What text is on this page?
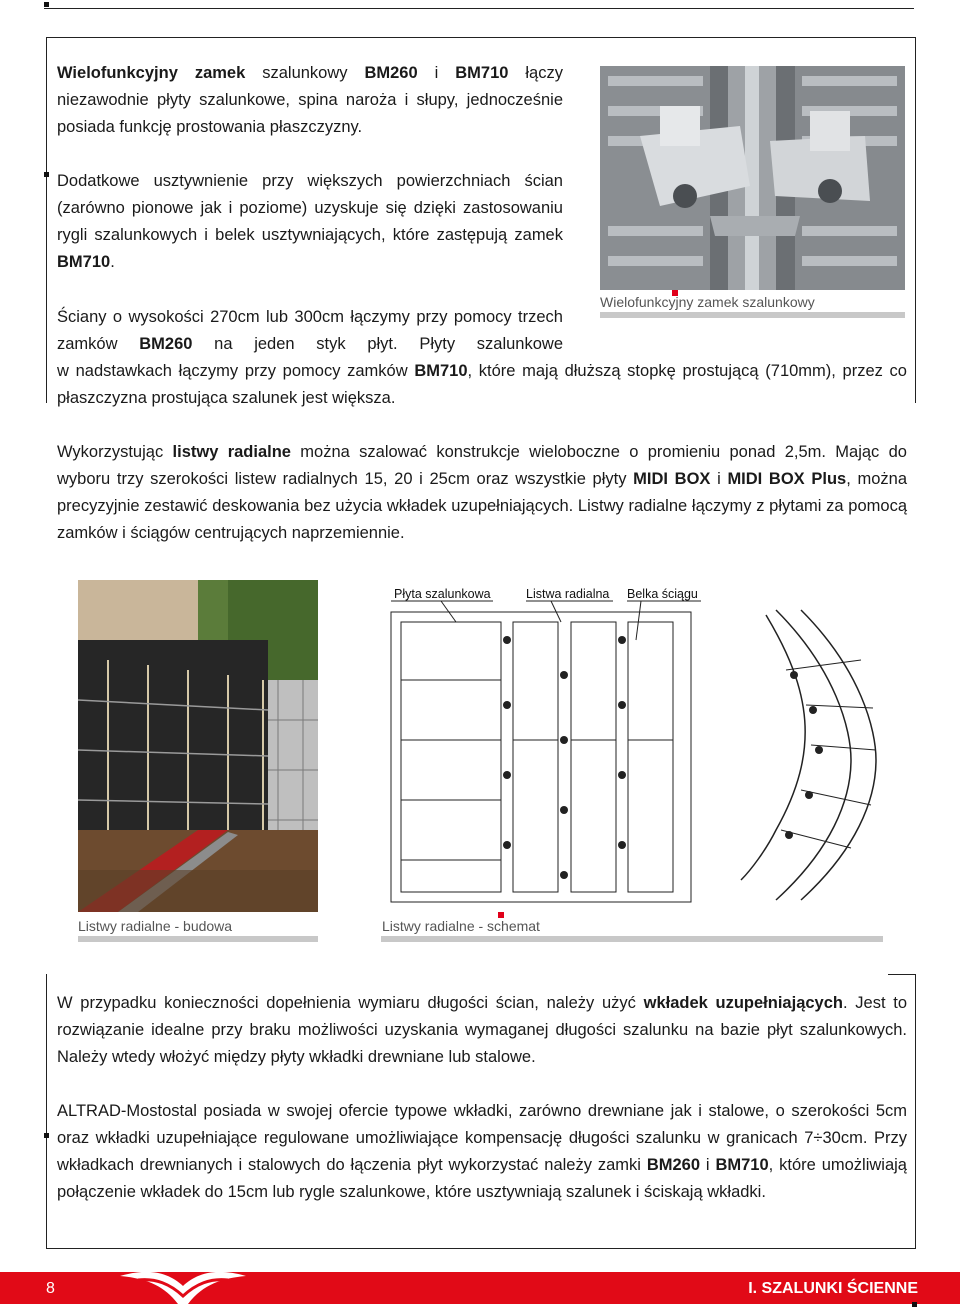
Wielofunkcyjny zamek szalunkowy BM260 i BM710 łączy niezawodnie płyty szalunkowe, spina naroża i słupy, jednocześnie posiada funkcję prostowania płaszczyzny.
Dodatkowe usztywnienie przy większych powierzchniach ścian (zarówno pionowe jak i poziome) uzyskuje się dzięki zastosowaniu rygli szalunkowych i belek usztywniających, które zastępują zamek BM710.
Ściany o wysokości 270cm lub 300cm łączymy przy pomocy trzech zamków BM260 na jeden styk płyt. Płyty szalunkowe
w nadstawkach łączymy przy pomocy zamków BM710, które mają dłuższą stopkę prostującą (710mm), przez co płaszczyzna prostująca szalunek jest większa.
Wielofunkcyjny zamek szalunkowy
Wykorzystując listwy radialne można szalować konstrukcje wieloboczne o promieniu ponad 2,5m. Mając do wyboru trzy szerokości listew radialnych 15, 20 i 25cm oraz wszystkie płyty MIDI BOX i MIDI BOX Plus, można precyzyjnie zestawić deskowania bez użycia wkładek uzupełniających. Listwy radialne łączymy z płytami za pomocą zamków i ściągów centrujących naprzemiennie.
Listwy radialne - budowa
Płyta szalunkowa	Listwa radialna Belka ściągu
Listwy radialne - schemat
W przypadku konieczności dopełnienia wymiaru długości ścian, należy użyć wkładek uzupełniających. Jest to rozwiązanie idealne przy braku możliwości uzyskania wymaganej długości szalunku na bazie płyt szalunkowych. Należy wtedy włożyć między płyty wkładki drewniane lub stalowe.
ALTRAD-Mostostal posiada w swojej ofercie typowe wkładki, zarówno drewniane jak i stalowe, o szerokości 5cm oraz wkładki uzupełniające regulowane umożliwiające kompensację długości szalunku w granicach 7÷30cm. Przy wkładkach drewnianych i stalowych do łączenia płyt wykorzystać należy zamki BM260 i BM710, które umożliwiają połączenie wkładek do 15cm lub rygle szalunkowe, które usztywniają szalunek i ściskają wkładki.
8	I. SZALUNKI ŚCIENNE
